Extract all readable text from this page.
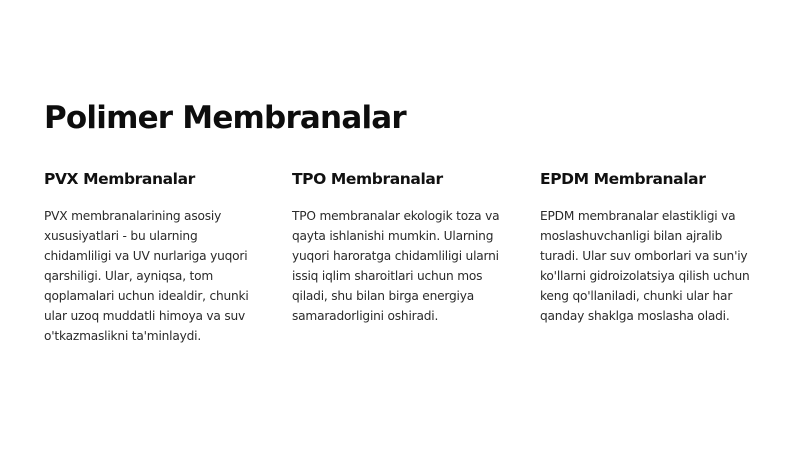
Polimer Membranalar
PVX Membranalar

PVX membranalarining asosiy xususiyatlari - bu ularning chidamliligi va UV nurlariga yuqori qarshiligi. Ular, ayniqsa, tom qoplamalari uchun idealdir, chunki ular uzoq muddatli himoya va suv o'tkazmaslikni ta'minlaydi.

TPO Membranalar

TPO membranalar ekologik toza va qayta ishlanishi mumkin. Ularning yuqori haroratga chidamliligi ularni issiq iqlim sharoitlari uchun mos qiladi, shu bilan birga energiya samaradorligini oshiradi.

EPDM Membranalar

EPDM membranalar elastikligi va moslashuvchanligi bilan ajralib turadi. Ular suv omborlari va sun'iy ko'llarni gidroizolatsiya qilish uchun keng qo'llaniladi, chunki ular har qanday shaklga moslasha oladi.
